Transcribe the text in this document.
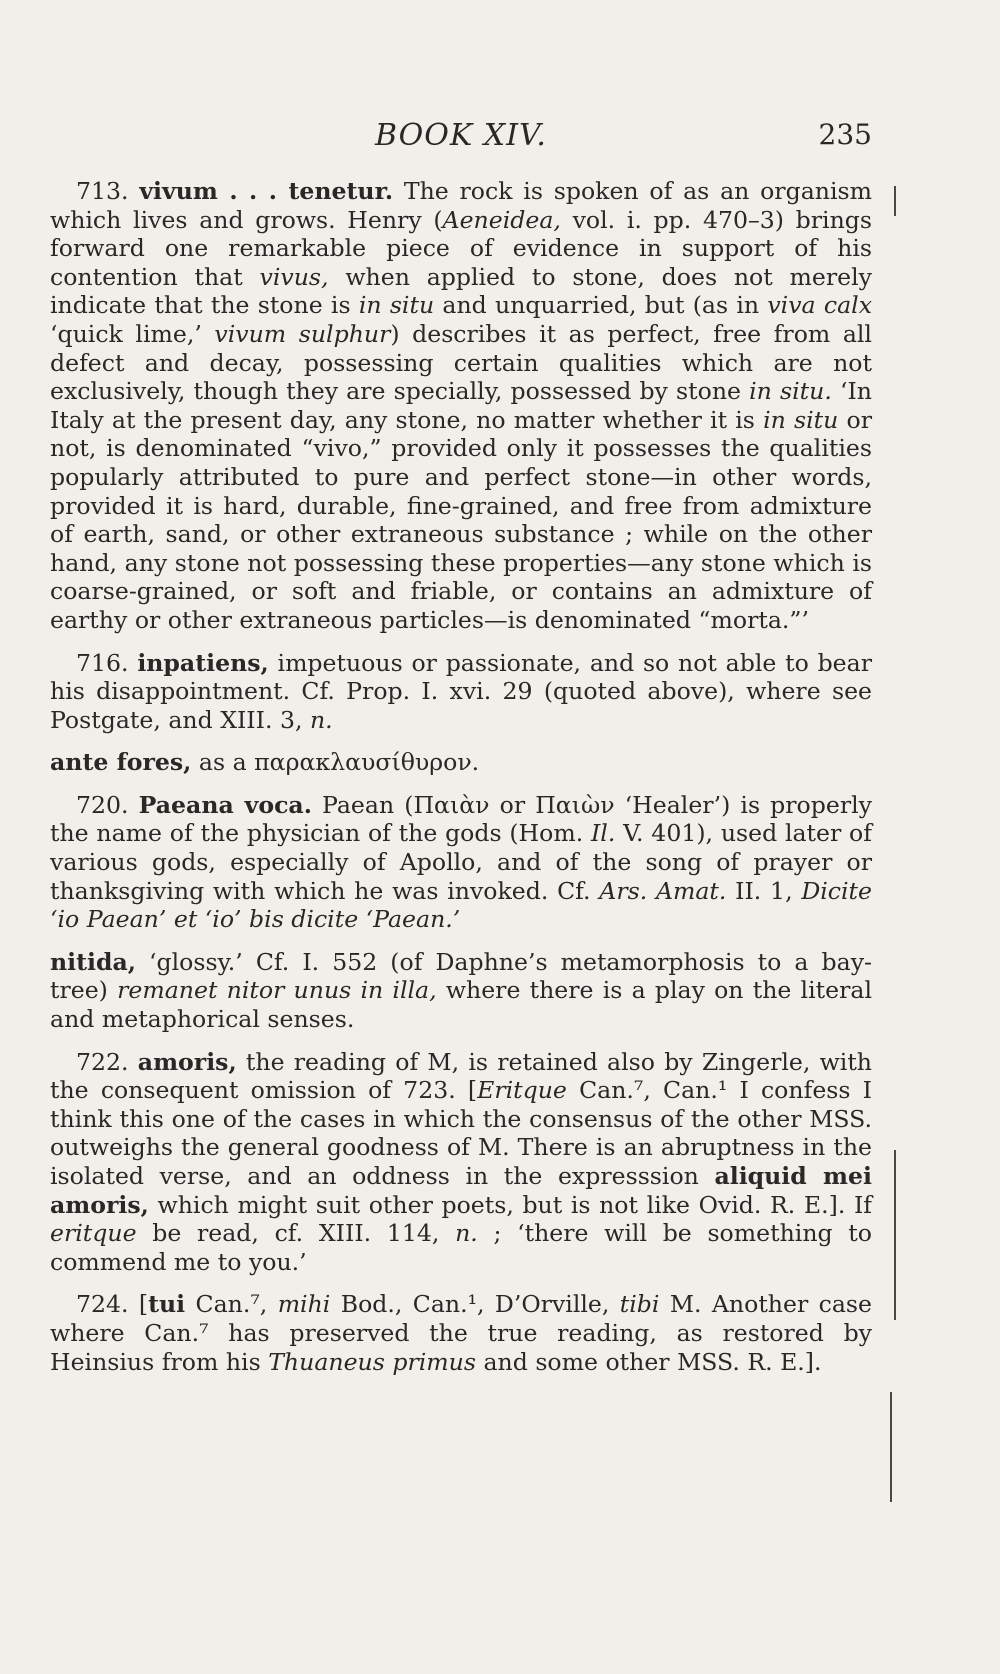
BOOK XIV.	235

713. vivum . . . tenetur. The rock is spoken of as an organism which lives and grows. Henry (Aeneidea, vol. i. pp. 470–3) brings forward one remarkable piece of evidence in support of his contention that vivus, when applied to stone, does not merely indicate that the stone is in situ and unquarried, but (as in viva calx ‘quick lime,’ vivum sulphur) describes it as perfect, free from all defect and decay, possessing certain qualities which are not exclusively, though they are specially, possessed by stone in situ. ‘In Italy at the present day, any stone, no matter whether it is in situ or not, is denominated “vivo,” provided only it possesses the qualities popularly attributed to pure and perfect stone—in other words, provided it is hard, durable, fine-grained, and free from admixture of earth, sand, or other extraneous substance ; while on the other hand, any stone not possessing these properties—any stone which is coarse-grained, or soft and friable, or contains an admixture of earthy or other extraneous particles—is denominated “morta.”’

716. inpatiens, impetuous or passionate, and so not able to bear his disappointment. Cf. Prop. I. xvi. 29 (quoted above), where see Postgate, and XIII. 3, n.

ante fores, as a παρακλαυσίθυρον.

720. Paeana voca. Paean (Παιὰν or Παιὼν ‘Healer’) is properly the name of the physician of the gods (Hom. Il. V. 401), used later of various gods, especially of Apollo, and of the song of prayer or thanksgiving with which he was invoked. Cf. Ars. Amat. II. 1, Dicite ‘io Paean’ et ‘io’ bis dicite ‘Paean.’

nitida, ‘glossy.’ Cf. I. 552 (of Daphne’s metamorphosis to a bay-tree) remanet nitor unus in illa, where there is a play on the literal and metaphorical senses.

722. amoris, the reading of M, is retained also by Zingerle, with the consequent omission of 723. [Eritque Can.⁷, Can.¹ I confess I think this one of the cases in which the consensus of the other MSS. outweighs the general goodness of M. There is an abruptness in the isolated verse, and an oddness in the expresssion aliquid mei amoris, which might suit other poets, but is not like Ovid. R. E.]. If eritque be read, cf. XIII. 114, n. ; ‘there will be something to commend me to you.’

724. [tui Can.⁷, mihi Bod., Can.¹, D’Orville, tibi M. Another case where Can.⁷ has preserved the true reading, as restored by Heinsius from his Thuaneus primus and some other MSS. R. E.].
